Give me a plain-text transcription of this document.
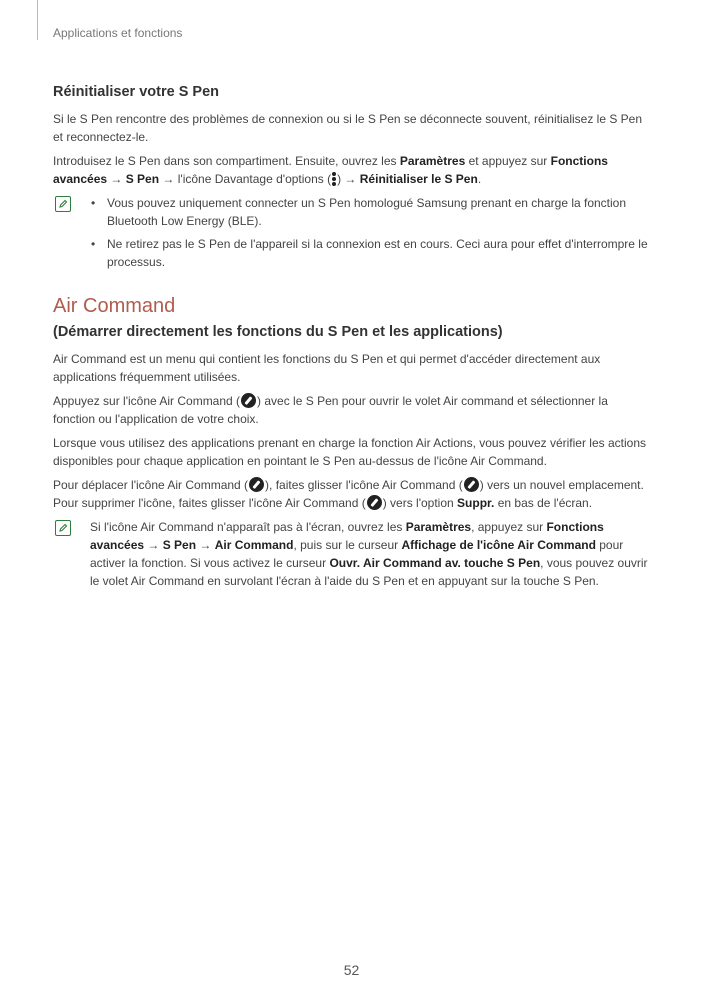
Applications et fonctions
Réinitialiser votre S Pen

Si le S Pen rencontre des problèmes de connexion ou si le S Pen se déconnecte souvent, réinitialisez le S Pen et reconnectez-le.

Introduisez le S Pen dans son compartiment. Ensuite, ouvrez les Paramètres et appuyez sur Fonctions avancées → S Pen → l'icône Davantage d'options ( ) → Réinitialiser le S Pen.

• Vous pouvez uniquement connecter un S Pen homologué Samsung prenant en charge la fonction Bluetooth Low Energy (BLE).
• Ne retirez pas le S Pen de l'appareil si la connexion est en cours. Ceci aura pour effet d'interrompre le processus.
Air Command
(Démarrer directement les fonctions du S Pen et les applications)

Air Command est un menu qui contient les fonctions du S Pen et qui permet d'accéder directement aux applications fréquemment utilisées.

Appuyez sur l'icône Air Command ( ) avec le S Pen pour ouvrir le volet Air command et sélectionner la fonction ou l'application de votre choix.

Lorsque vous utilisez des applications prenant en charge la fonction Air Actions, vous pouvez vérifier les actions disponibles pour chaque application en pointant le S Pen au-dessus de l'icône Air Command.

Pour déplacer l'icône Air Command ( ), faites glisser l'icône Air Command ( ) vers un nouvel emplacement. Pour supprimer l'icône, faites glisser l'icône Air Command ( ) vers l'option Suppr. en bas de l'écran.

Si l'icône Air Command n'apparaît pas à l'écran, ouvrez les Paramètres, appuyez sur Fonctions avancées → S Pen → Air Command, puis sur le curseur Affichage de l'icône Air Command pour activer la fonction. Si vous activez le curseur Ouvr. Air Command av. touche S Pen, vous pouvez ouvrir le volet Air Command en survolant l'écran à l'aide du S Pen et en appuyant sur la touche S Pen.

52
